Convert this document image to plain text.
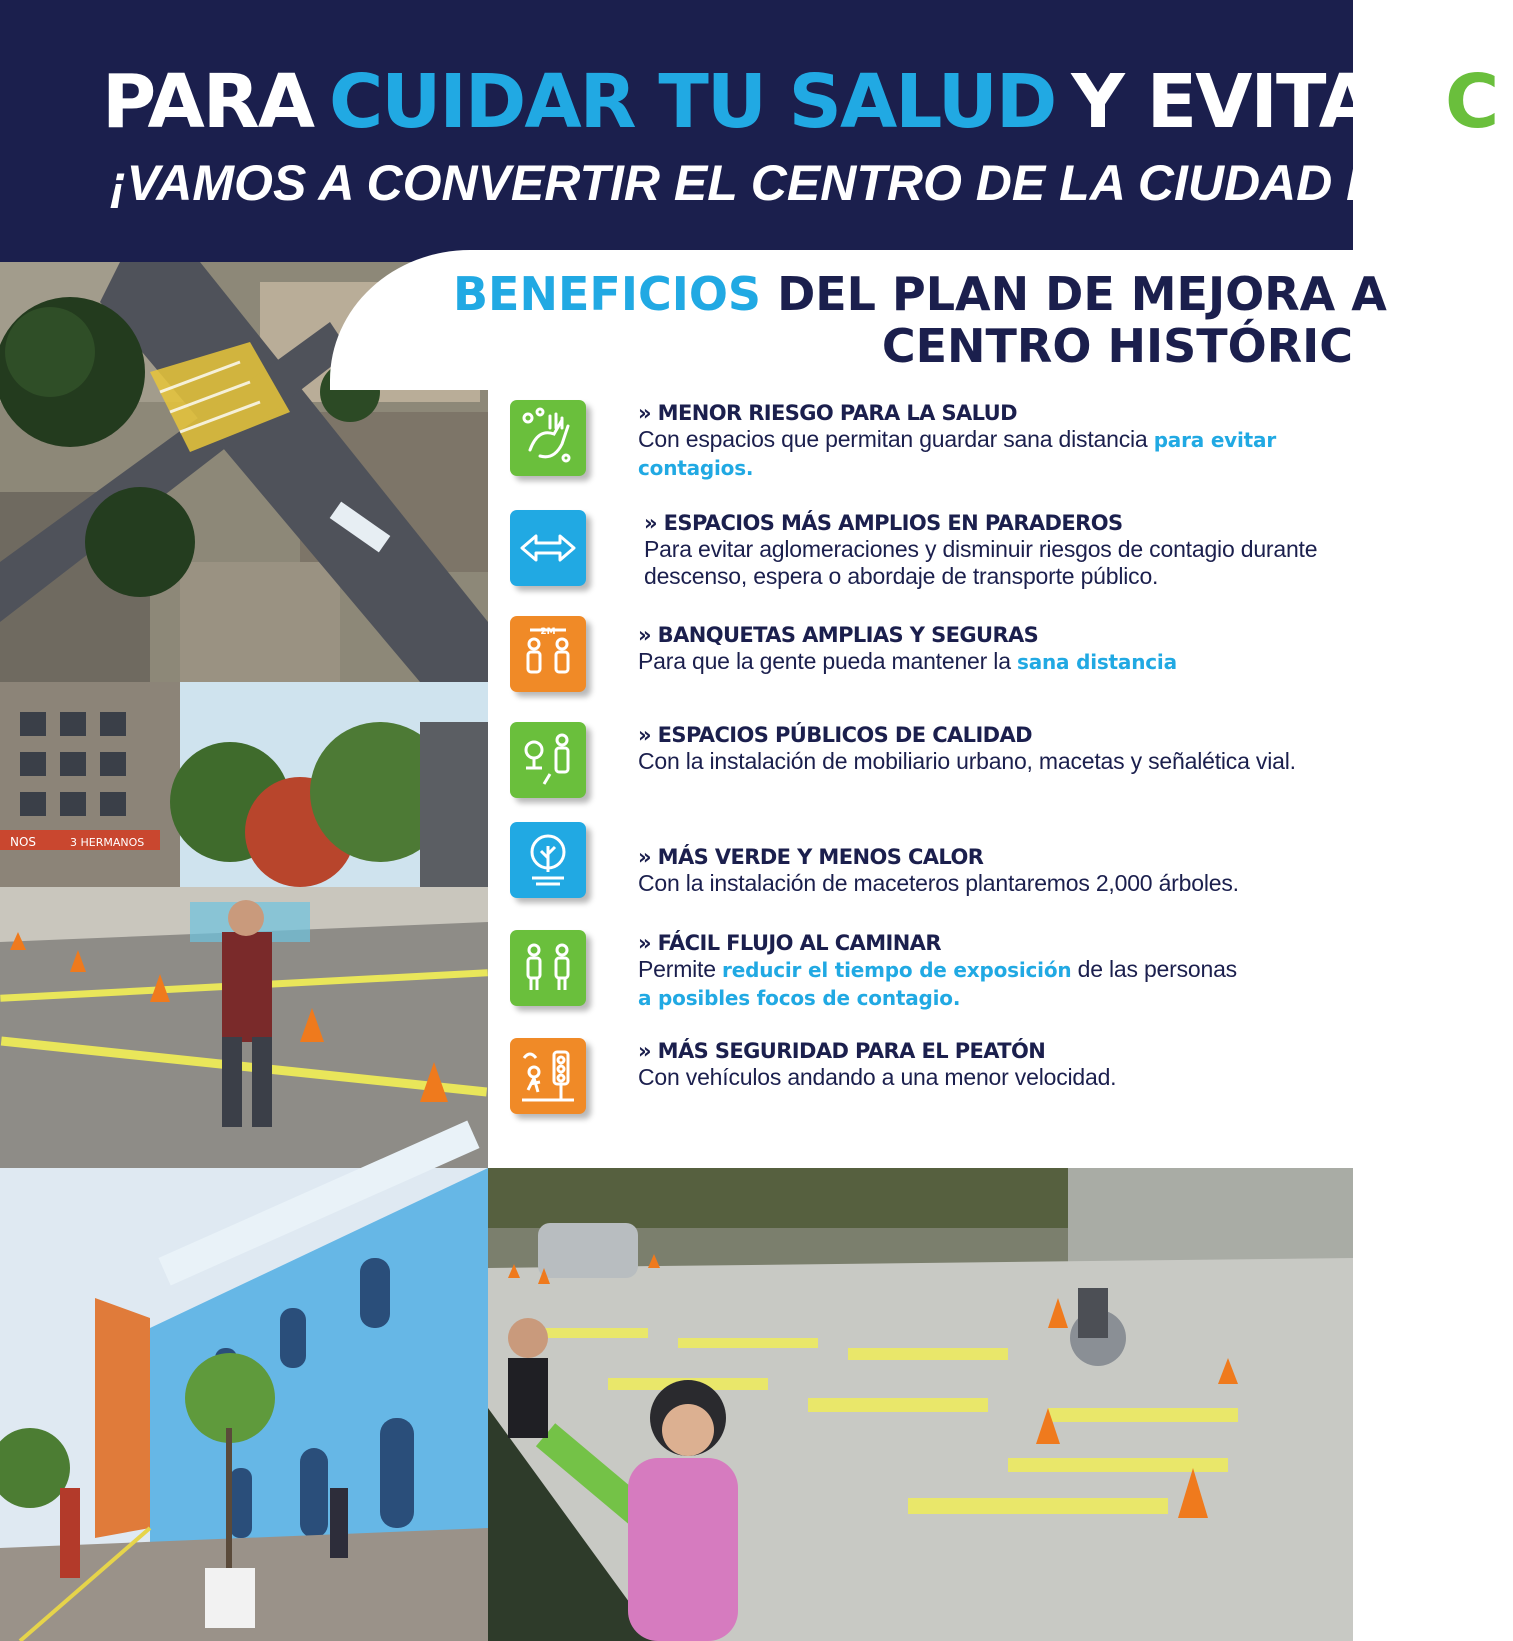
PARA CUIDAR TU SALUD Y EVITAR C
¡VAMOS A CONVERTIR EL CENTRO DE LA CIUDAD EN UN
NOS	3 HERMANOS
BENEFICIOS DEL PLAN DE MEJORA A
CENTRO HISTÓRIC
» MENOR RIESGO PARA LA SALUD
Con espacios que permitan guardar sana distancia para evitar contagios.
» ESPACIOS MÁS AMPLIOS EN PARADEROS
Para evitar aglomeraciones y disminuir riesgos de contagio durante descenso, espera o abordaje de transporte público.
2M	» BANQUETAS AMPLIAS Y SEGURAS
Para que la gente pueda mantener la sana distancia
» ESPACIOS PÚBLICOS DE CALIDAD
Con la instalación de mobiliario urbano, macetas y señalética vial.
» MÁS VERDE Y MENOS CALOR
Con la instalación de maceteros plantaremos 2,000 árboles.
» FÁCIL FLUJO AL CAMINAR
Permite reducir el tiempo de exposición de las personas
a posibles focos de contagio.
» MÁS SEGURIDAD PARA EL PEATÓN
Con vehículos andando a una menor velocidad.
